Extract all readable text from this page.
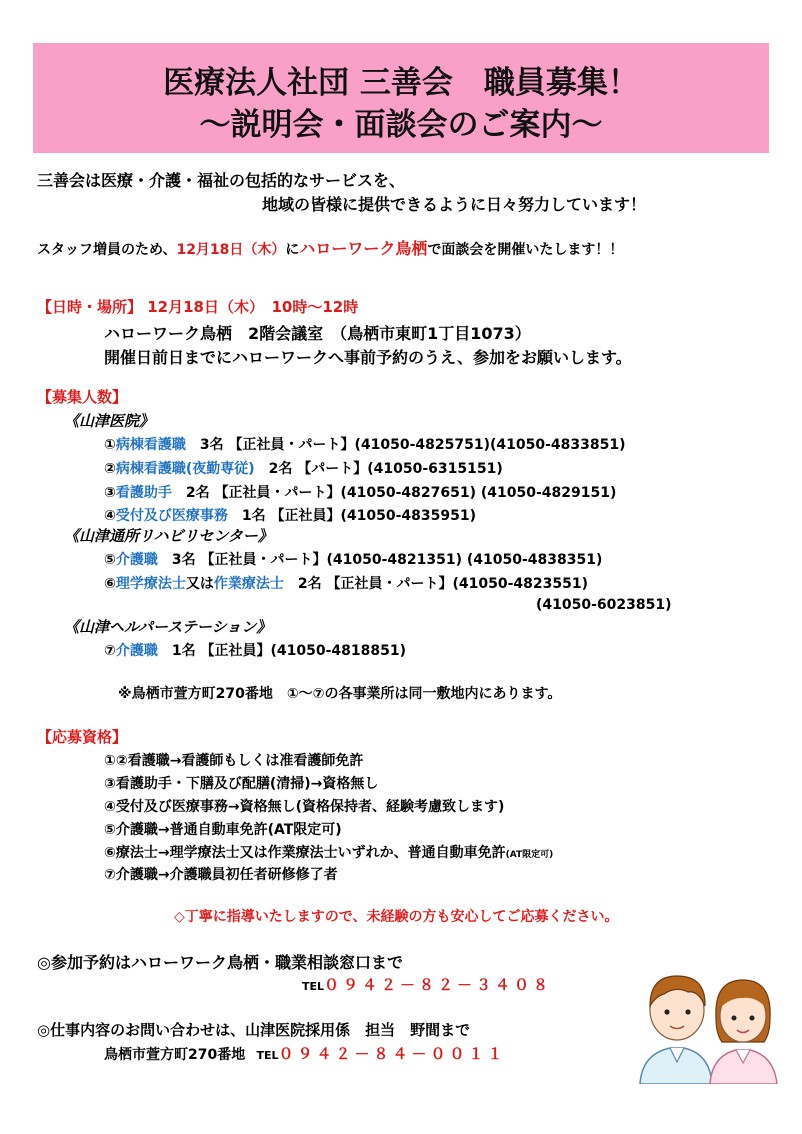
医療法人社団 三善会　職員募集！
～説明会・面談会のご案内～
三善会は医療・介護・福祉の包括的なサービスを、
地域の皆様に提供できるように日々努力しています！
スタッフ増員のため、12月18日（木）にハローワーク鳥栖で面談会を開催いたします！！
【日時・場所】 12月18日（木）　10時～12時
ハローワーク鳥栖　2階会議室　（鳥栖市東町1丁目1073）
開催日前日までにハローワークへ事前予約のうえ、参加をお願いします。
【募集人数】
《山津医院》
①病棟看護職　 3名 【正社員・パート】(41050-4825751)(41050-4833851)
②病棟看護職(夜勤専従)　 2名 【パート】(41050-6315151)
③看護助手　 2名 【正社員・パート】(41050-4827651) (41050-4829151)
④受付及び医療事務　 1名 【正社員】(41050-4835951)
《山津通所リハビリセンター》
⑤介護職　 3名 【正社員・パート】(41050-4821351) (41050-4838351)
⑥理学療法士又は作業療法士　 2名 【正社員・パート】(41050-4823551)
(41050-6023851)
《山津ヘルパーステーション》
⑦介護職　 1名 【正社員】(41050-4818851)
※鳥栖市萱方町270番地　①～⑦の各事業所は同一敷地内にあります。
【応募資格】
①②看護職→看護師もしくは准看護師免許
③看護助手・下膳及び配膳(清掃)→資格無し
④受付及び医療事務→資格無し(資格保持者、経験考慮致します)
⑤介護職→普通自動車免許(AT限定可)
⑥療法士→理学療法士又は作業療法士いずれか、普通自動車免許(AT限定可)
⑦介護職→介護職員初任者研修修了者
◇丁寧に指導いたしますので、未経験の方も安心してご応募ください。
◎参加予約はハローワーク鳥栖・職業相談窓口まで
TEL０９４２－８２－３４０８
◎仕事内容のお問い合わせは、山津医院採用係　担当　野間まで
鳥栖市萱方町270番地 TEL０９４２－８４－００１１
